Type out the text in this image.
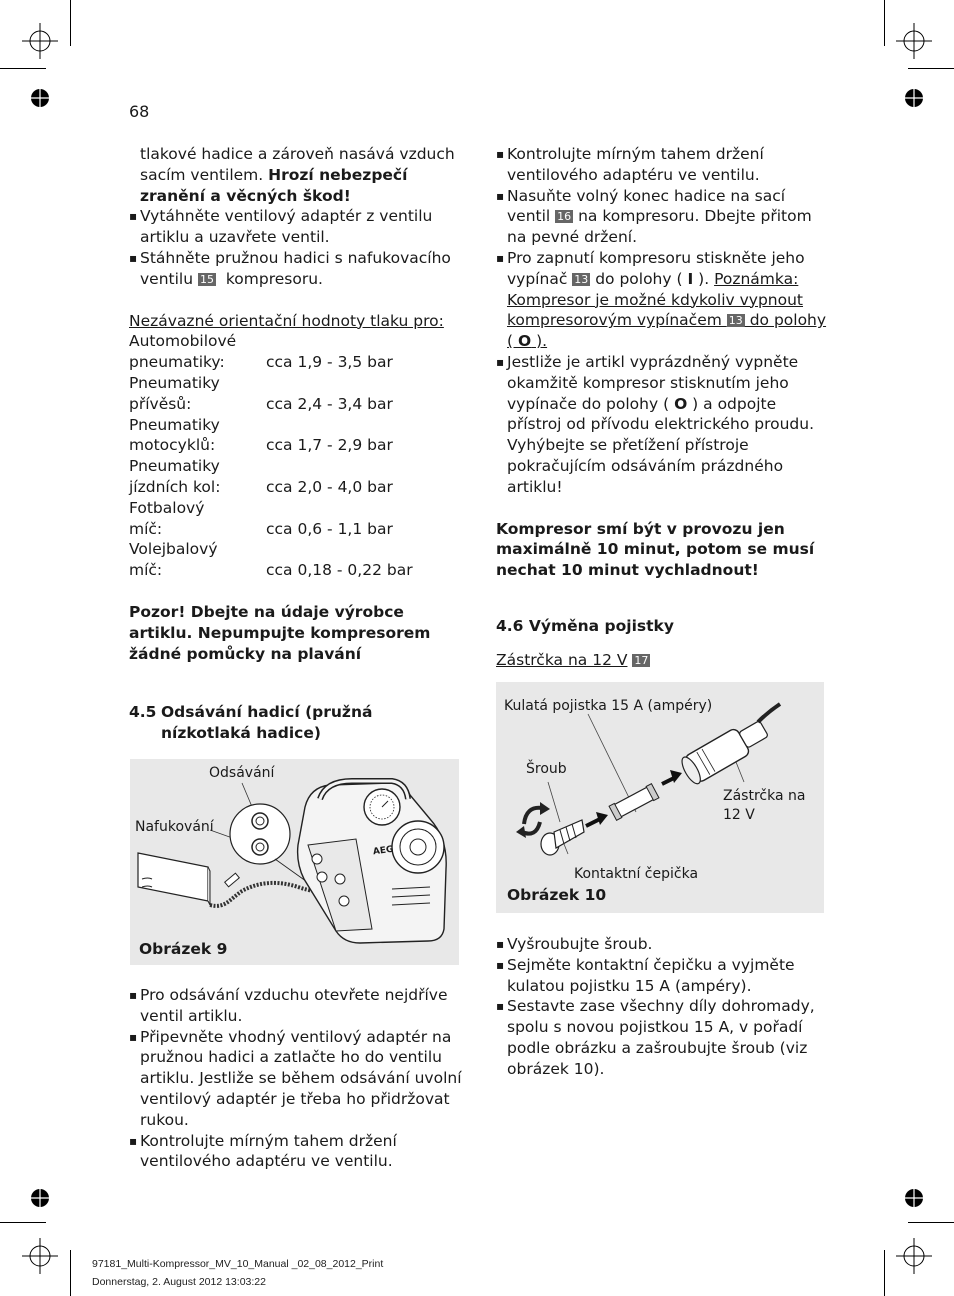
68
tlakové hadice a zároveň nasává vzduch sacím ventilem. Hrozí nebezpečí zranění a věcných škod!
▪ Vytáhněte ventilový adaptér z ventilu artiklu a uzavřete ventil.
▪ Stáhněte pružnou hadici s nafukovacího ventilu 15 kompresoru.
Nezávazné orientační hodnoty tlaku pro:
Automobilové
pneumatiky:	cca 1,9 - 3,5 bar
Pneumatiky
přívěsů:	cca 2,4 - 3,4 bar
Pneumatiky
motocyklů:	cca 1,7 - 2,9 bar
Pneumatiky
jízdních kol:	cca 2,0 - 4,0 bar
Fotbalový
míč:	cca 0,6 - 1,1 bar
Volejbalový
míč:	cca 0,18 - 0,22 bar
Pozor! Dbejte na údaje výrobce artiklu. Nepumpujte kompresorem žádné pomůcky na plavání
4.5 Odsávání hadicí (pružná nízkotlaká hadice)
Odsávání
Nafukování
AEG
Obrázek 9
▪ Pro odsávání vzduchu otevřete nejdříve ventil artiklu.
▪ Připevněte vhodný ventilový adaptér na pružnou hadici a zatlačte ho do ventilu artiklu. Jestliže se během odsávání uvolní ventilový adaptér je třeba ho přidržovat rukou.
▪ Kontrolujte mírným tahem držení ventilového adaptéru ve ventilu.
▪ Kontrolujte mírným tahem držení ventilového adaptéru ve ventilu.
▪ Nasuňte volný konec hadice na sací ventil 16 na kompresoru. Dbejte přitom na pevné držení.
▪ Pro zapnutí kompresoru stiskněte jeho vypínač 13 do polohy ( I ). Poznámka: Kompresor je možné kdykoliv vypnout kompresorovým vypínačem 13 do polohy ( O ).
▪ Jestliže je artikl vyprázdněný vypněte okamžitě kompresor stisknutím jeho vypínače do polohy ( O ) a odpojte přístroj od přívodu elektrického proudu. Vyhýbejte se přetížení přístroje pokračujícím odsáváním prázdného artiklu!
Kompresor smí být v provozu jen maximálně 10 minut, potom se musí nechat 10 minut vychladnout!
4.6 Výměna pojistky
Zástrčka na 12 V 17
Kulatá pojistka 15 A (ampéry)
Šroub
Zástrčka na
12 V
Kontaktní čepička
Obrázek 10
▪ Vyšroubujte šroub.
▪ Sejměte kontaktní čepičku a vyjměte kulatou pojistku 15 A (ampéry).
▪ Sestavte zase všechny díly dohromady, spolu s novou pojistkou 15 A, v pořadí podle obrázku a zašroubujte šroub (viz obrázek 10).
97181_Multi-Kompressor_MV_10_Manual _02_08_2012_Print
Donnerstag, 2. August 2012 13:03:22
